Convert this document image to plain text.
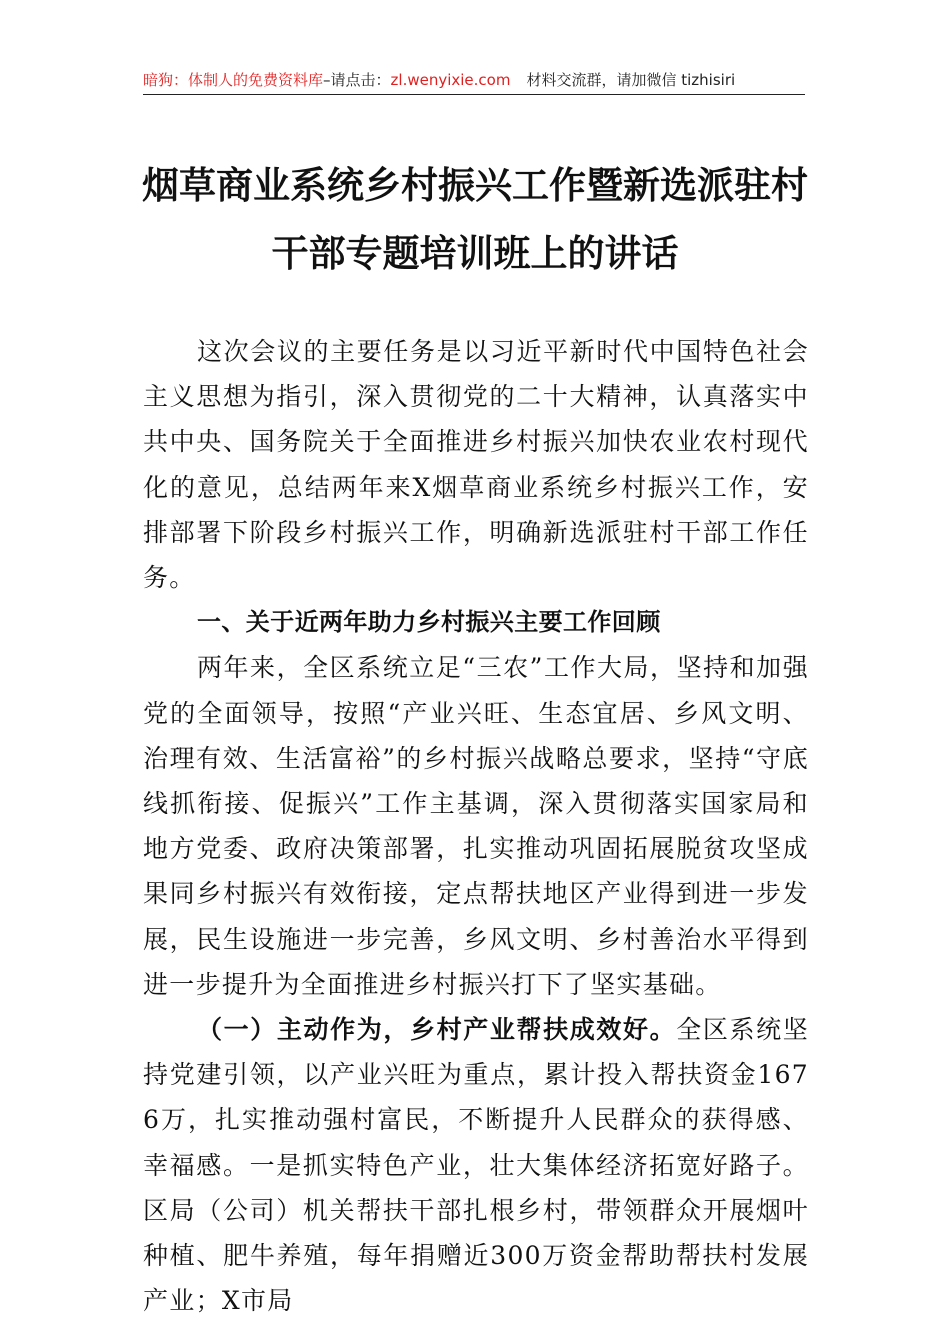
暗狗：体制人的免费资料库–请点击：zl.wenyixie.com 材料交流群，请加微信 tizhisiri
烟草商业系统乡村振兴工作暨新选派驻村
干部专题培训班上的讲话

这次会议的主要任务是以习近平新时代中国特色社会主义思想为指引，深入贯彻党的二十大精神，认真落实中共中央、国务院关于全面推进乡村振兴加快农业农村现代化的意见，总结两年来X烟草商业系统乡村振兴工作，安排部署下阶段乡村振兴工作，明确新选派驻村干部工作任务。

一、关于近两年助力乡村振兴主要工作回顾

两年来，全区系统立足“三农”工作大局，坚持和加强党的全面领导，按照“产业兴旺、生态宜居、乡风文明、治理有效、生活富裕”的乡村振兴战略总要求，坚持“守底线抓衔接、促振兴”工作主基调，深入贯彻落实国家局和地方党委、政府决策部署，扎实推动巩固拓展脱贫攻坚成果同乡村振兴有效衔接，定点帮扶地区产业得到进一步发展，民生设施进一步完善，乡风文明、乡村善治水平得到进一步提升为全面推进乡村振兴打下了坚实基础。

（一）主动作为，乡村产业帮扶成效好。全区系统坚持党建引领，以产业兴旺为重点，累计投入帮扶资金1676万，扎实推动强村富民，不断提升人民群众的获得感、幸福感。一是抓实特色产业，壮大集体经济拓宽好路子。区局（公司）机关帮扶干部扎根乡村，带领群众开展烟叶种植、肥牛养殖，每年捐赠近300万资金帮助帮扶村发展产业；X市局
